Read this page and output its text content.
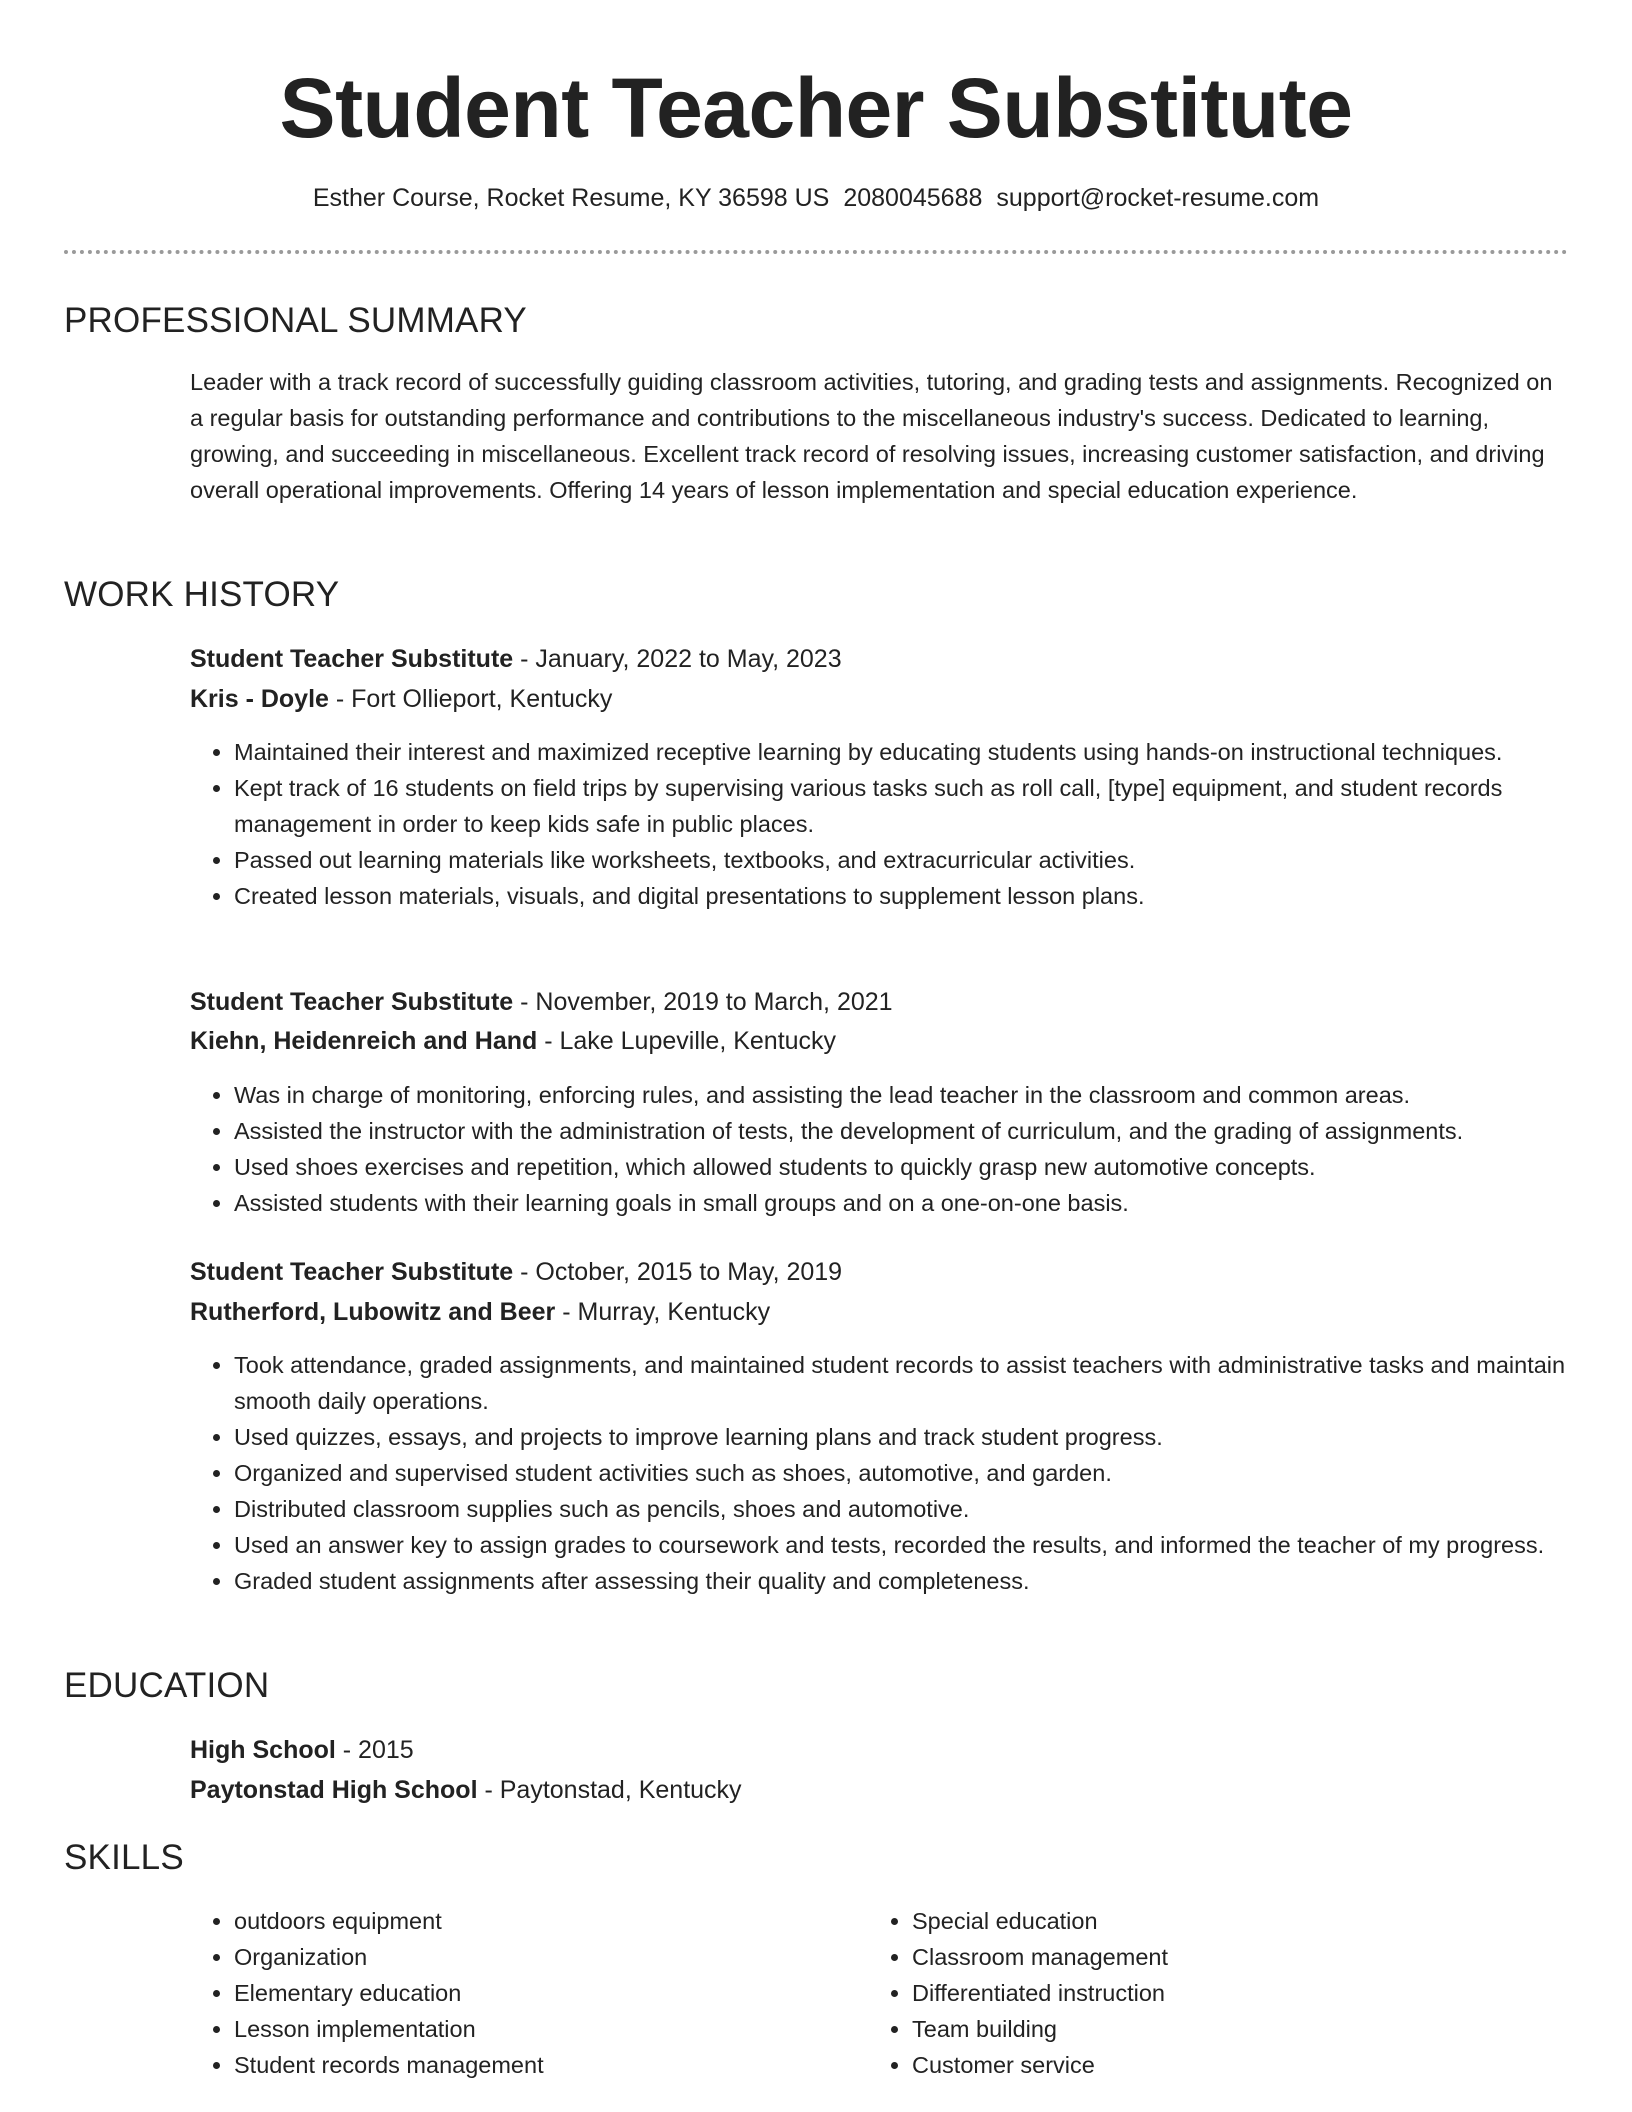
Student Teacher Substitute
Esther Course, Rocket Resume, KY 36598 US 2080045688 support@rocket-resume.com
PROFESSIONAL SUMMARY
Leader with a track record of successfully guiding classroom activities, tutoring, and grading tests and assignments. Recognized on a regular basis for outstanding performance and contributions to the miscellaneous industry's success. Dedicated to learning, growing, and succeeding in miscellaneous. Excellent track record of resolving issues, increasing customer satisfaction, and driving overall operational improvements. Offering 14 years of lesson implementation and special education experience.
WORK HISTORY
Student Teacher Substitute - January, 2022 to May, 2023
Kris - Doyle - Fort Ollieport, Kentucky
• Maintained their interest and maximized receptive learning by educating students using hands-on instructional techniques.
• Kept track of 16 students on field trips by supervising various tasks such as roll call, [type] equipment, and student records management in order to keep kids safe in public places.
• Passed out learning materials like worksheets, textbooks, and extracurricular activities.
• Created lesson materials, visuals, and digital presentations to supplement lesson plans.
Student Teacher Substitute - November, 2019 to March, 2021
Kiehn, Heidenreich and Hand - Lake Lupeville, Kentucky
• Was in charge of monitoring, enforcing rules, and assisting the lead teacher in the classroom and common areas.
• Assisted the instructor with the administration of tests, the development of curriculum, and the grading of assignments.
• Used shoes exercises and repetition, which allowed students to quickly grasp new automotive concepts.
• Assisted students with their learning goals in small groups and on a one-on-one basis.
Student Teacher Substitute - October, 2015 to May, 2019
Rutherford, Lubowitz and Beer - Murray, Kentucky
• Took attendance, graded assignments, and maintained student records to assist teachers with administrative tasks and maintain smooth daily operations.
• Used quizzes, essays, and projects to improve learning plans and track student progress.
• Organized and supervised student activities such as shoes, automotive, and garden.
• Distributed classroom supplies such as pencils, shoes and automotive.
• Used an answer key to assign grades to coursework and tests, recorded the results, and informed the teacher of my progress.
• Graded student assignments after assessing their quality and completeness.
EDUCATION
High School - 2015
Paytonstad High School - Paytonstad, Kentucky
SKILLS
• outdoors equipment
• Organization
• Elementary education
• Lesson implementation
• Student records management
• Special education
• Classroom management
• Differentiated instruction
• Team building
• Customer service
